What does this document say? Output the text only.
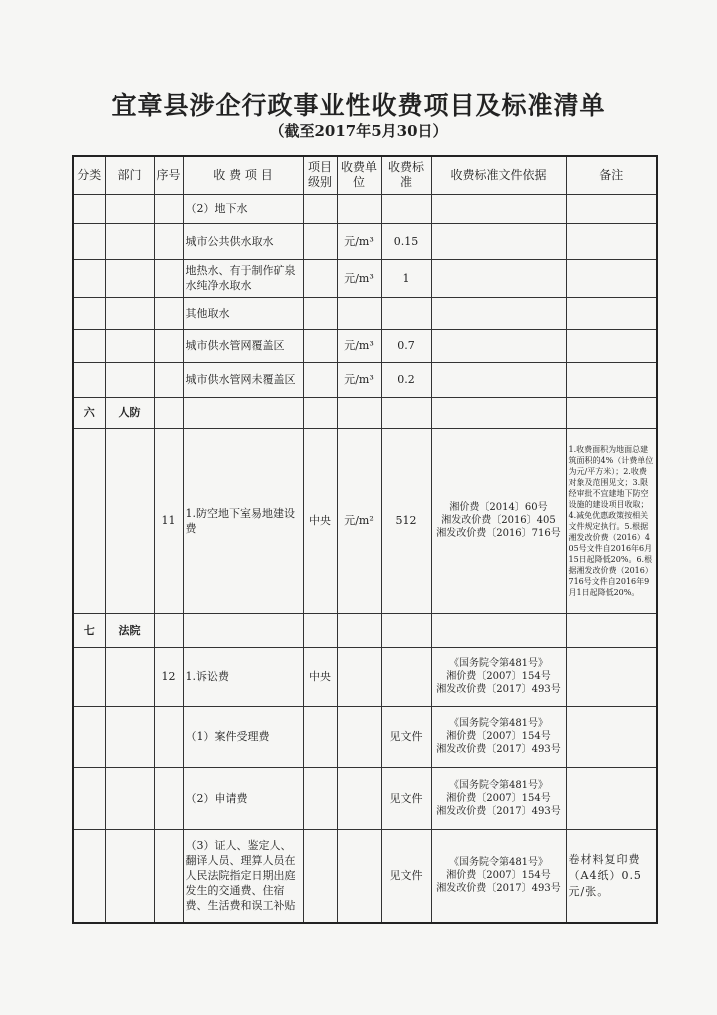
宜章县涉企行政事业性收费项目及标准清单
（截至2017年5月30日）
分类	部门	序号	收 费 项 目	项目级别	收费单位	收费标准	收费标准文件依据	备注
			（2）地下水					
			城市公共供水取水		元/m³	0.15		
			地热水、有于制作矿泉水纯净水取水		元/m³	1		
			其他取水					
			城市供水管网覆盖区		元/m³	0.7		
			城市供水管网未覆盖区		元/m³	0.2		
六	人防							
		11	1.防空地下室易地建设费	中央	元/m²	512	湘价费〔2014〕60号
湘发改价费〔2016〕405
湘发改价费〔2016〕716号	1.收费面积为地面总建筑面积的4%（计费单位为元/平方米）；2.收费对象及范围见文；3.限经审批不宜建地下防空设施的建设项目收取；4.减免优惠政策按相关文件规定执行。5.根据湘发改价费（2016）405号文件自2016年6月15日起降低20%。6.根据湘发改价费（2016）716号文件自2016年9月1日起降低20%。
七	法院							
		12	1.诉讼费	中央			《国务院令第481号》
湘价费〔2007〕154号
湘发改价费〔2017〕493号	
			（1）案件受理费			见文件	《国务院令第481号》
湘价费〔2007〕154号
湘发改价费〔2017〕493号	
			（2）申请费			见文件	《国务院令第481号》
湘价费〔2007〕154号
湘发改价费〔2017〕493号	
			（3）证人、鉴定人、翻译人员、理算人员在人民法院指定日期出庭发生的交通费、住宿费、生活费和误工补贴			见文件	《国务院令第481号》
湘价费〔2007〕154号
湘发改价费〔2017〕493号	卷材料复印费（A4纸）0.5元/张。
